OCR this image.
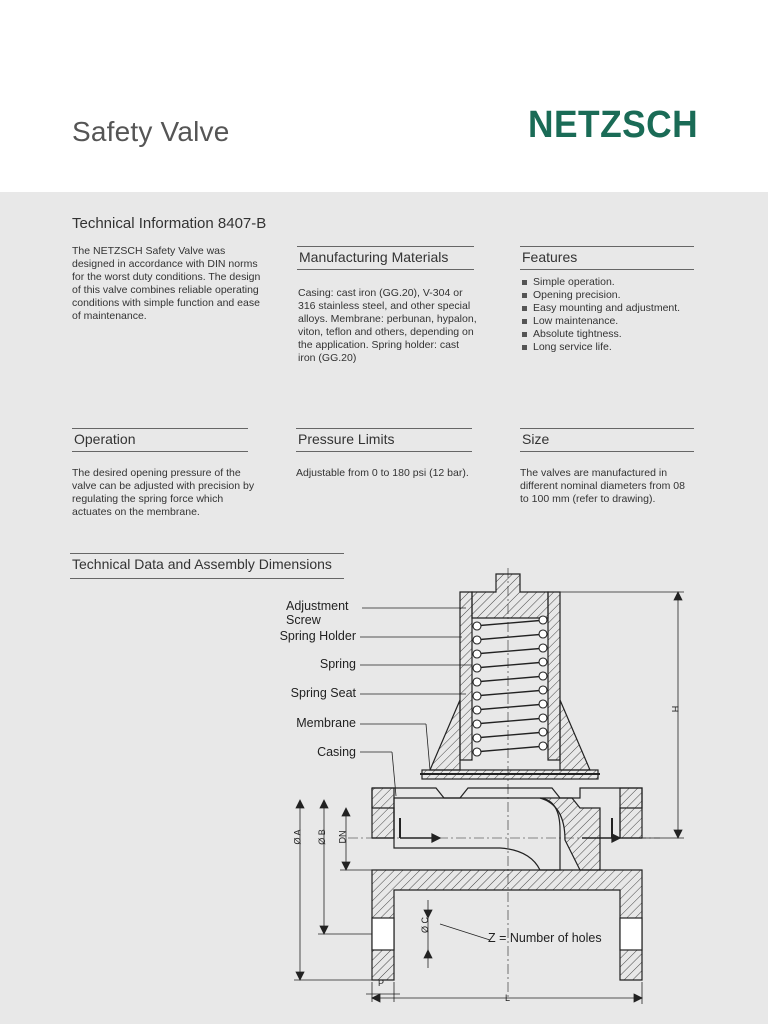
Safety Valve	NETZSCH
Technical Information 8407-B
The NETZSCH Safety Valve was designed in accordance with DIN norms for the worst duty conditions. The design of this valve combines reliable operating conditions with simple function and ease of maintenance.
Manufacturing Materials
Casing: cast iron (GG.20), V-304 or 316 stainless steel, and other special alloys. Membrane: perbunan, hypalon, viton, teflon and others, depending on the application. Spring holder: cast iron (GG.20)
Features
Simple operation.
Opening precision.
Easy mounting and adjustment.
Low maintenance.
Absolute tightness.
Long service life.
Operation
The desired opening pressure of the valve can be adjusted with precision by regulating the spring force which actuates on the membrane.
Pressure Limits
Adjustable from 0 to 180 psi (12 bar).
Size
The valves are manufactured in different nominal diameters from 08 to 100 mm (refer to drawing).
Technical Data and Assembly Dimensions
Adjustment Screw
Spring Holder
Spring
Spring Seat
Membrane
Casing
Z = Number of holes
Ø A Ø B DN
Ø C
H
P
L
